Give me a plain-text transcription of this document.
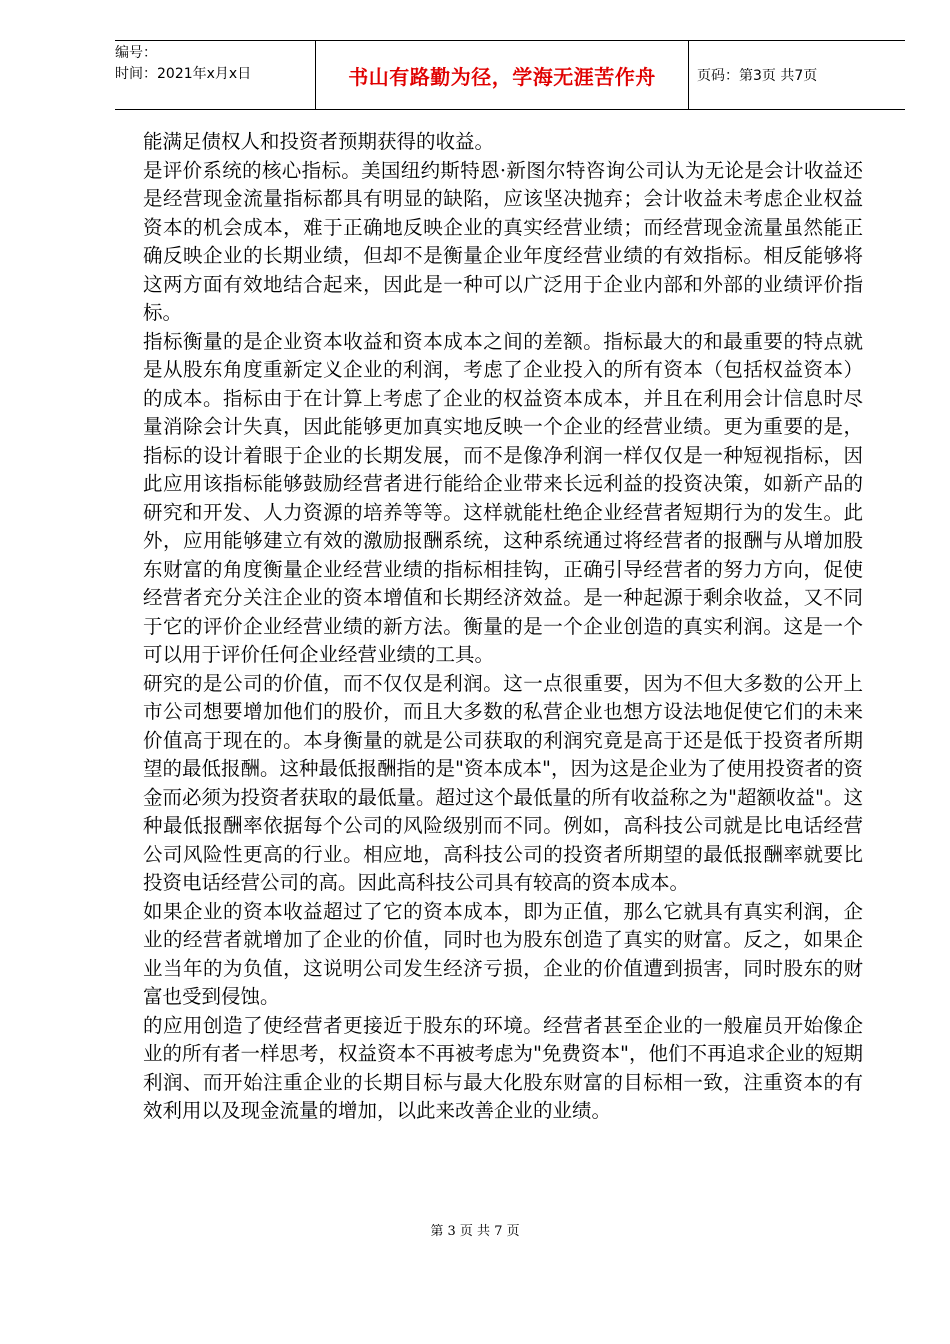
编号：
时间：2021年x月x日	书山有路勤为径，学海无涯苦作舟	页码：第3页 共7页

能满足债权人和投资者预期获得的收益。

是评价系统的核心指标。美国纽约斯特恩·新图尔特咨询公司认为无论是会计收益还是经营现金流量指标都具有明显的缺陷，应该坚决抛弃；会计收益未考虑企业权益资本的机会成本，难于正确地反映企业的真实经营业绩；而经营现金流量虽然能正确反映企业的长期业绩，但却不是衡量企业年度经营业绩的有效指标。相反能够将这两方面有效地结合起来，因此是一种可以广泛用于企业内部和外部的业绩评价指标。

指标衡量的是企业资本收益和资本成本之间的差额。指标最大的和最重要的特点就是从股东角度重新定义企业的利润，考虑了企业投入的所有资本（包括权益资本）的成本。指标由于在计算上考虑了企业的权益资本成本，并且在利用会计信息时尽量消除会计失真，因此能够更加真实地反映一个企业的经营业绩。更为重要的是，指标的设计着眼于企业的长期发展，而不是像净利润一样仅仅是一种短视指标，因此应用该指标能够鼓励经营者进行能给企业带来长远利益的投资决策，如新产品的研究和开发、人力资源的培养等等。这样就能杜绝企业经营者短期行为的发生。此外，应用能够建立有效的激励报酬系统，这种系统通过将经营者的报酬与从增加股东财富的角度衡量企业经营业绩的指标相挂钩，正确引导经营者的努力方向，促使经营者充分关注企业的资本增值和长期经济效益。是一种起源于剩余收益，又不同于它的评价企业经营业绩的新方法。衡量的是一个企业创造的真实利润。这是一个可以用于评价任何企业经营业绩的工具。

研究的是公司的价值，而不仅仅是利润。这一点很重要，因为不但大多数的公开上市公司想要增加他们的股价，而且大多数的私营企业也想方设法地促使它们的未来价值高于现在的。本身衡量的就是公司获取的利润究竟是高于还是低于投资者所期望的最低报酬。这种最低报酬指的是"资本成本"，因为这是企业为了使用投资者的资金而必须为投资者获取的最低量。超过这个最低量的所有收益称之为"超额收益"。这种最低报酬率依据每个公司的风险级别而不同。例如，高科技公司就是比电话经营公司风险性更高的行业。相应地，高科技公司的投资者所期望的最低报酬率就要比投资电话经营公司的高。因此高科技公司具有较高的资本成本。

如果企业的资本收益超过了它的资本成本，即为正值，那么它就具有真实利润，企业的经营者就增加了企业的价值，同时也为股东创造了真实的财富。反之，如果企业当年的为负值，这说明公司发生经济亏损，企业的价值遭到损害，同时股东的财富也受到侵蚀。

的应用创造了使经营者更接近于股东的环境。经营者甚至企业的一般雇员开始像企业的所有者一样思考，权益资本不再被考虑为"免费资本"，他们不再追求企业的短期利润、而开始注重企业的长期目标与最大化股东财富的目标相一致，注重资本的有效利用以及现金流量的增加，以此来改善企业的业绩。

第 3 页 共 7 页
